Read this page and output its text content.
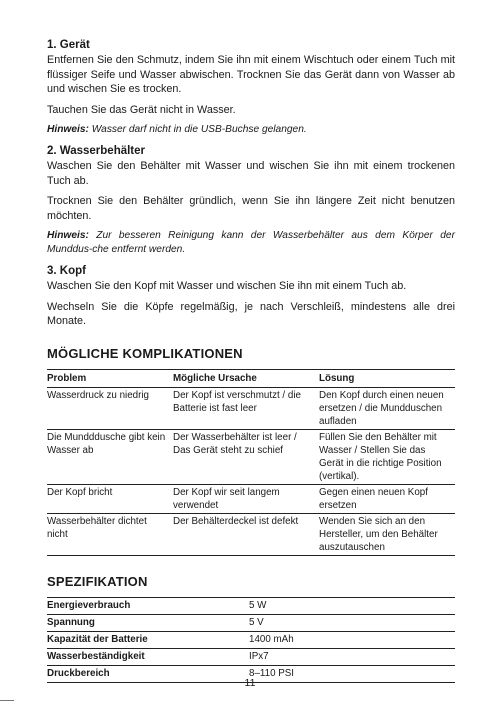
1. Gerät
Entfernen Sie den Schmutz, indem Sie ihn mit einem Wischtuch oder einem Tuch mit flüssiger Seife und Wasser abwischen. Trocknen Sie das Gerät dann von Wasser ab und wischen Sie es trocken.
Tauchen Sie das Gerät nicht in Wasser.
Hinweis: Wasser darf nicht in die USB-Buchse gelangen.
2. Wasserbehälter
Waschen Sie den Behälter mit Wasser und wischen Sie ihn mit einem trockenen Tuch ab.
Trocknen Sie den Behälter gründlich, wenn Sie ihn längere Zeit nicht benutzen möchten.
Hinweis: Zur besseren Reinigung kann der Wasserbehälter aus dem Körper der Munddus-che entfernt werden.
3. Kopf
Waschen Sie den Kopf mit Wasser und wischen Sie ihn mit einem Tuch ab.
Wechseln Sie die Köpfe regelmäßig, je nach Verschleiß, mindestens alle drei Monate.
MÖGLICHE KOMPLIKATIONEN
Problem	Mögliche Ursache	Lösung
Wasserdruck zu niedrig	Der Kopf ist verschmutzt / die Batterie ist fast leer	Den Kopf durch einen neuen ersetzen / die Mundduschen aufladen
Die Mundddusche gibt kein Wasser ab	Der Wasserbehälter ist leer / Das Gerät steht zu schief	Füllen Sie den Behälter mit Wasser / Stellen Sie das Gerät in die richtige Position (vertikal).
Der Kopf bricht	Der Kopf wir seit langem verwendet	Gegen einen neuen Kopf ersetzen
Wasserbehälter dichtet nicht	Der Behälterdeckel ist defekt	Wenden Sie sich an den Hersteller, um den Behälter auszutauschen
SPEZIFIKATION
Energieverbrauch	5 W
Spannung	5 V
Kapazität der Batterie	1400 mAh
Wasserbeständigkeit	IPx7
Druckbereich	8–110 PSI
11
